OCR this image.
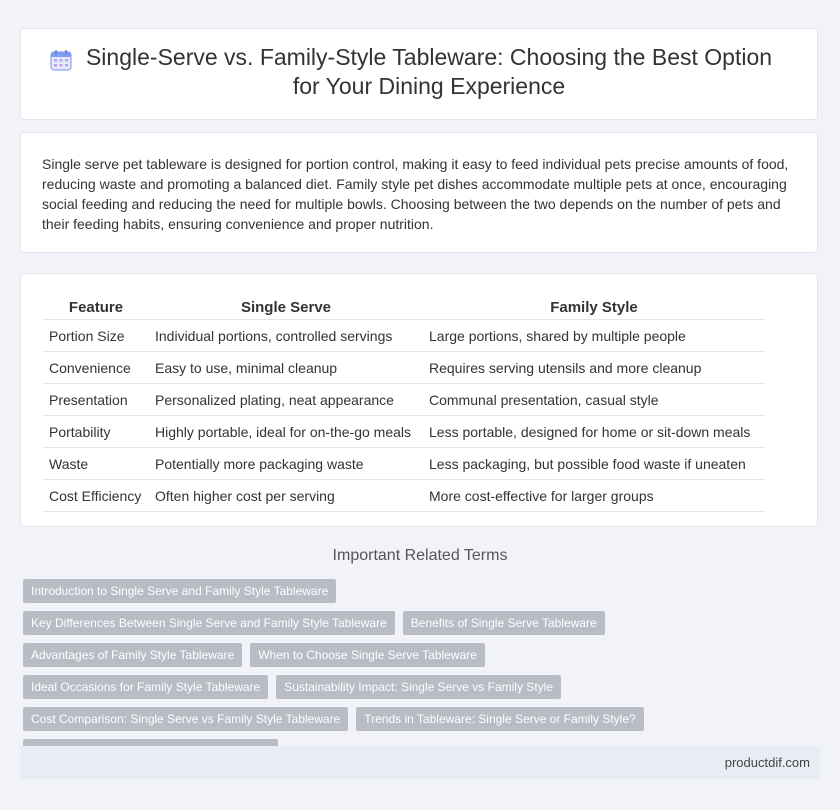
Single-Serve vs. Family-Style Tableware: Choosing the Best Option for Your Dining Experience

Single serve pet tableware is designed for portion control, making it easy to feed individual pets precise amounts of food, reducing waste and promoting a balanced diet. Family style pet dishes accommodate multiple pets at once, encouraging social feeding and reducing the need for multiple bowls. Choosing between the two depends on the number of pets and their feeding habits, ensuring convenience and proper nutrition.

Feature	Single Serve	Family Style
Portion Size	Individual portions, controlled servings	Large portions, shared by multiple people
Convenience	Easy to use, minimal cleanup	Requires serving utensils and more cleanup
Presentation	Personalized plating, neat appearance	Communal presentation, casual style
Portability	Highly portable, ideal for on-the-go meals	Less portable, designed for home or sit-down meals
Waste	Potentially more packaging waste	Less packaging, but possible food waste if uneaten
Cost Efficiency	Often higher cost per serving	More cost-effective for larger groups
Important Related Terms
Introduction to Single Serve and Family Style Tableware
Key Differences Between Single Serve and Family Style Tableware	Benefits of Single Serve Tableware
Advantages of Family Style Tableware	When to Choose Single Serve Tableware
Ideal Occasions for Family Style Tableware	Sustainability Impact: Single Serve vs Family Style
Cost Comparison: Single Serve vs Family Style Tableware	Trends in Tableware: Single Serve or Family Style?
productdif.com
